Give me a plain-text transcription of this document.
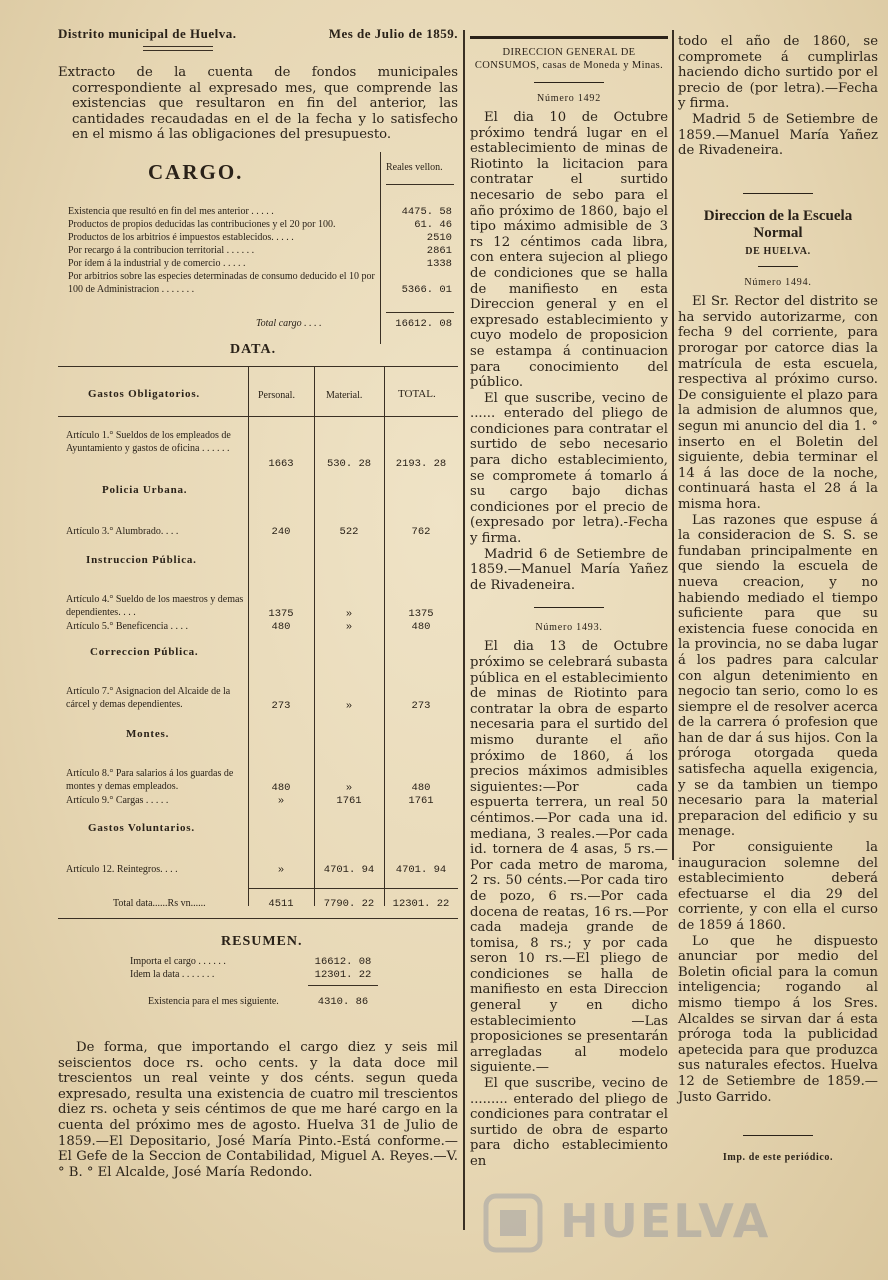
Distrito municipal de Huelva.	Mes de Julio de 1859.

Extracto de la cuenta de fondos municipales correspondiente al expresado mes, que comprende las existencias que resultaron en fin del anterior, las cantidades recaudadas en el de la fecha y lo satisfecho en el mismo á las obligaciones del presupuesto.

CARGO.	Reales vellon.
Existencia que resultó en fin del mes anterior . . . . .	4475. 58
Productos de propios deducidas las contribuciones y el 20 por 100.	61. 46
Productos de los arbitrios é impuestos establecidos. . . . .	2510
Por recargo á la contribucion territorial . . . . . .	2861
Por ídem á la industrial y de comercio . . . . .	1338
Por arbitrios sobre las especies determinadas de consumo deducido el 10 por 100 de Administracion . . . . . . .	5366. 01
Total cargo . . . .	16612. 08
DATA.
Personal.	Material.	TOTAL.
Gastos Obligatorios.
Artículo 1.° Sueldos de los empleados de Ayuntamiento y gastos de oficina . . . . . .
1663	530. 28	2193. 28
Policia Urbana.
Artículo 3.° Alumbrado. . . .	240	522	762
Instruccion Pública.
Artículo 4.° Sueldo de los maestros y demas dependientes. . . .	1375	»	1375
Artículo 5.° Beneficencia . . . .	480	»	480
Correccion Pública.
Artículo 7.° Asignacion del Alcaide de la cárcel y demas dependientes.	273	»	273
Montes.
Artículo 8.° Para salarios á los guardas de montes y demas empleados.	480	»	480
Artículo 9.° Cargas . . . . .	»	1761	1761
Gastos Voluntarios.
Artículo 12. Reintegros. . . .	»	4701. 94	4701. 94
Total data......Rs vn......	4511	7790. 22	12301. 22
RESUMEN.
Importa el cargo . . . . . .	16612. 08
Idem la data . . . . . . .	12301. 22
Existencia para el mes siguiente.	4310. 86

De forma, que importando el cargo diez y seis mil seiscientos doce rs. ocho cents. y la data doce mil trescientos un real veinte y dos cénts. segun queda expresado, resulta una existencia de cuatro mil trescientos diez rs. ocheta y seis céntimos de que me haré cargo en la cuenta del próximo mes de agosto. Huelva 31 de Julio de 1859.—El Depositario, José María Pinto.-Está conforme.—El Gefe de la Seccion de Contabilidad, Miguel A. Reyes.—V. ° B. ° El Alcalde, José María Redondo.

DIRECCION GENERAL DE CONSUMOS, casas de Moneda y Minas.
Número 1492

El dia 10 de Octubre próximo tendrá lugar en el establecimiento de minas de Riotinto la licitacion para contratar el surtido necesario de sebo para el año próximo de 1860, bajo el tipo máximo admisible de 3 rs 12 céntimos cada libra, con entera sujecion al pliego de condiciones que se halla de manifiesto en esta Direccion general y en el expresado establecimiento y cuyo modelo de proposicion se estampa á continuacion para conocimiento del público.

El que suscribe, vecino de ...... enterado del pliego de condiciones para contratar el surtido de sebo necesario para dicho establecimiento, se compromete á tomarlo á su cargo bajo dichas condiciones por el precio de (expresado por letra).-Fecha y firma.

Madrid 6 de Setiembre de 1859.—Manuel María Yañez de Rivadeneira.

Número 1493.

El dia 13 de Octubre próximo se celebrará subasta pública en el establecimiento de minas de Riotinto para contratar la obra de esparto necesaria para el surtido del mismo durante el año próximo de 1860, á los precios máximos admisibles siguientes:—Por cada espuerta terrera, un real 50 céntimos.—Por cada una id. mediana, 3 reales.—Por cada id. tornera de 4 asas, 5 rs.—Por cada metro de maroma, 2 rs. 50 cénts.—Por cada tiro de pozo, 6 rs.—Por cada docena de reatas, 16 rs.—Por cada madeja grande de tomisa, 8 rs.; y por cada seron 10 rs.—El pliego de condiciones se halla de manifiesto en esta Direccion general y en dicho establecimiento —Las proposiciones se presentarán arregladas al modelo siguiente.—

El que suscribe, vecino de ......... enterado del pliego de condiciones para contratar el surtido de obra de esparto para dicho establecimiento en

todo el año de 1860, se compromete á cumplirlas haciendo dicho surtido por el precio de (por letra).—Fecha y firma.

Madrid 5 de Setiembre de 1859.—Manuel María Yañez de Rivadeneira.

Direccion de la Escuela Normal
DE HUELVA.
Número 1494.

El Sr. Rector del distrito se ha servido autorizarme, con fecha 9 del corriente, para prorogar por catorce dias la matrícula de esta escuela, respectiva al próximo curso. De consiguiente el plazo para la admision de alumnos que, segun mi anuncio del dia 1. ° inserto en el Boletin del siguiente, debia terminar el 14 á las doce de la noche, continuará hasta el 28 á la misma hora.

Las razones que espuse á la consideracion de S. S. se fundaban principalmente en que siendo la escuela de nueva creacion, y no habiendo mediado el tiempo suficiente para que su existencia fuese conocida en la provincia, no se daba lugar á los padres para calcular con algun detenimiento en negocio tan serio, como lo es siempre el de resolver acerca de la carrera ó profesion que han de dar á sus hijos. Con la próroga otorgada queda satisfecha aquella exigencia, y se da tambien un tiempo necesario para la material preparacion del edificio y su menage.

Por consiguiente la inauguracion solemne del establecimiento deberá efectuarse el dia 29 del corriente, y con ella el curso de 1859 á 1860.

Lo que he dispuesto anunciar por medio del Boletin oficial para la comun inteligencia; rogando al mismo tiempo á los Sres. Alcaldes se sirvan dar á esta próroga toda la publicidad apetecida para que produzca sus naturales efectos. Huelva 12 de Setiembre de 1859.—Justo Garrido.

Imp. de este periódico.
HUELVA
